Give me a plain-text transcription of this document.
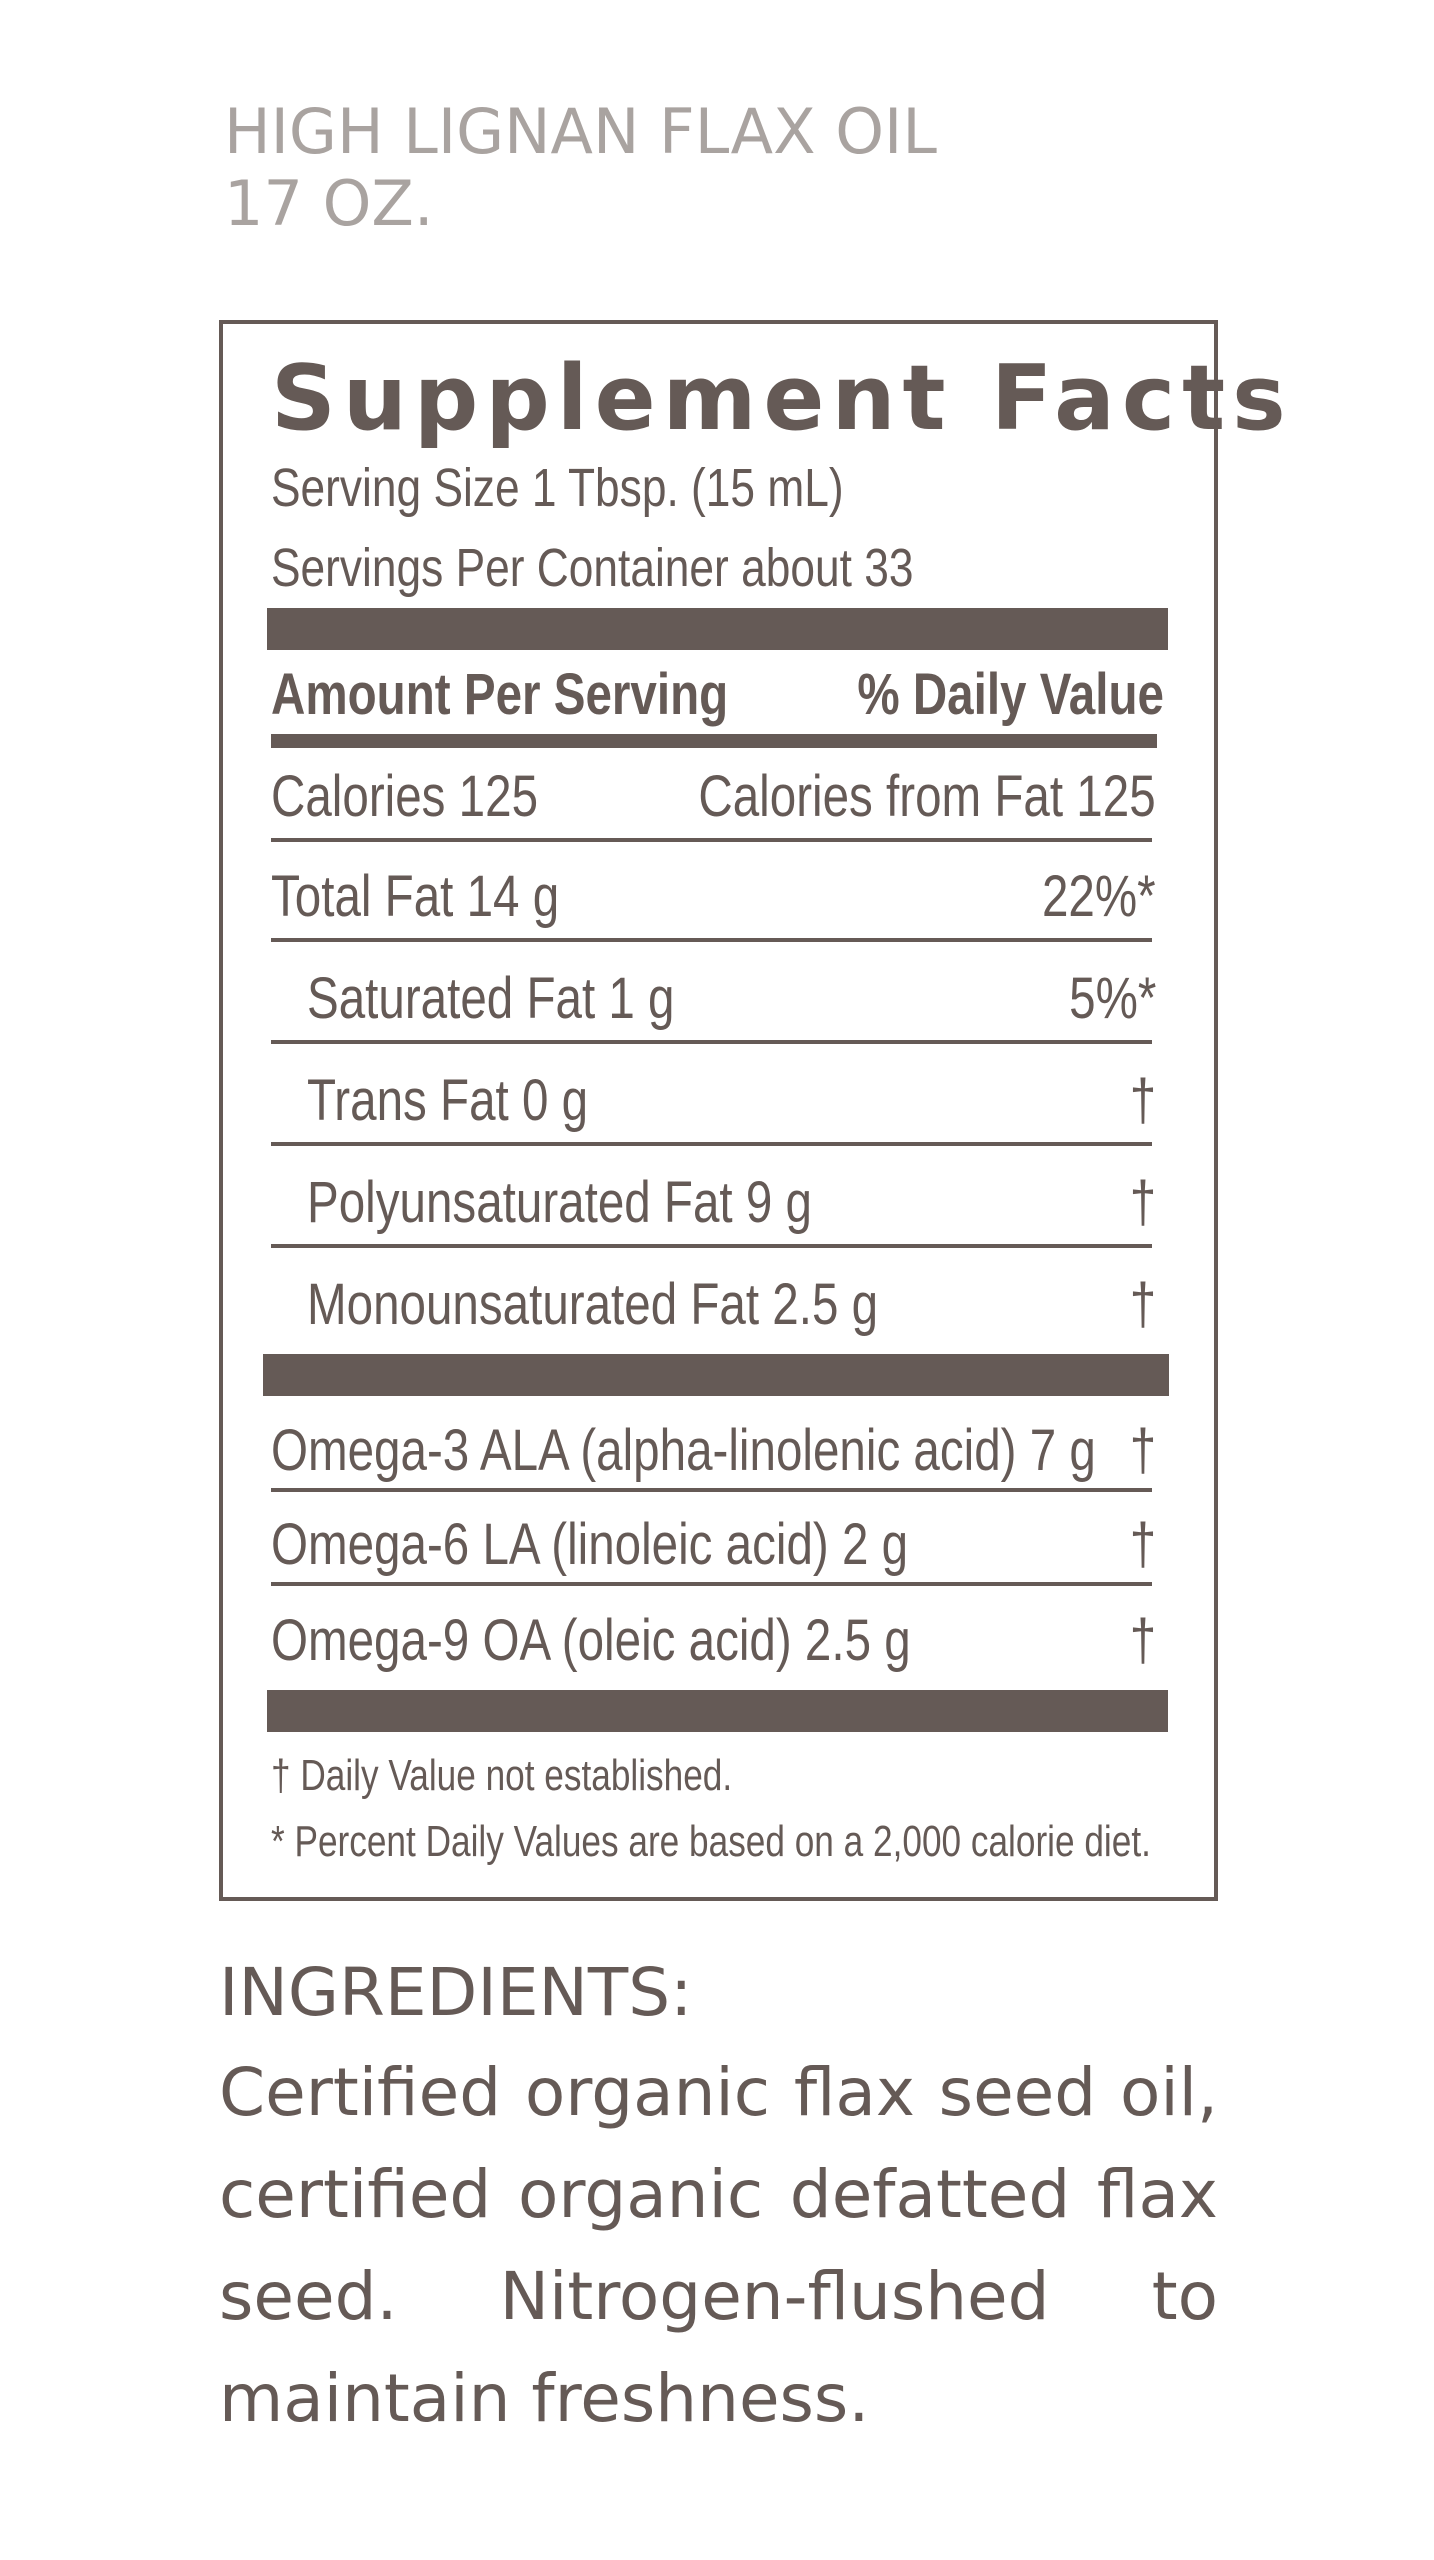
HIGH LIGNAN FLAX OIL
17 OZ.
Supplement Facts
Serving Size 1 Tbsp. (15 mL)
Servings Per Container about 33
Amount Per Serving % Daily Value
Calories 125	Calories from Fat 125
Total Fat 14 g	22%*
Saturated Fat 1 g	5%*
Trans Fat 0 g	†
Polyunsaturated Fat 9 g	†
Monounsaturated Fat 2.5 g	†
Omega-3 ALA (alpha-linolenic acid) 7 g †
Omega-6 LA (linoleic acid) 2 g	†
Omega-9 OA (oleic acid) 2.5 g	†
† Daily Value not established.
* Percent Daily Values are based on a 2,000 calorie diet.
INGREDIENTS:
Certified organic flax seed oil, certified organic defatted flax seed. Nitrogen-flushed to maintain freshness.
